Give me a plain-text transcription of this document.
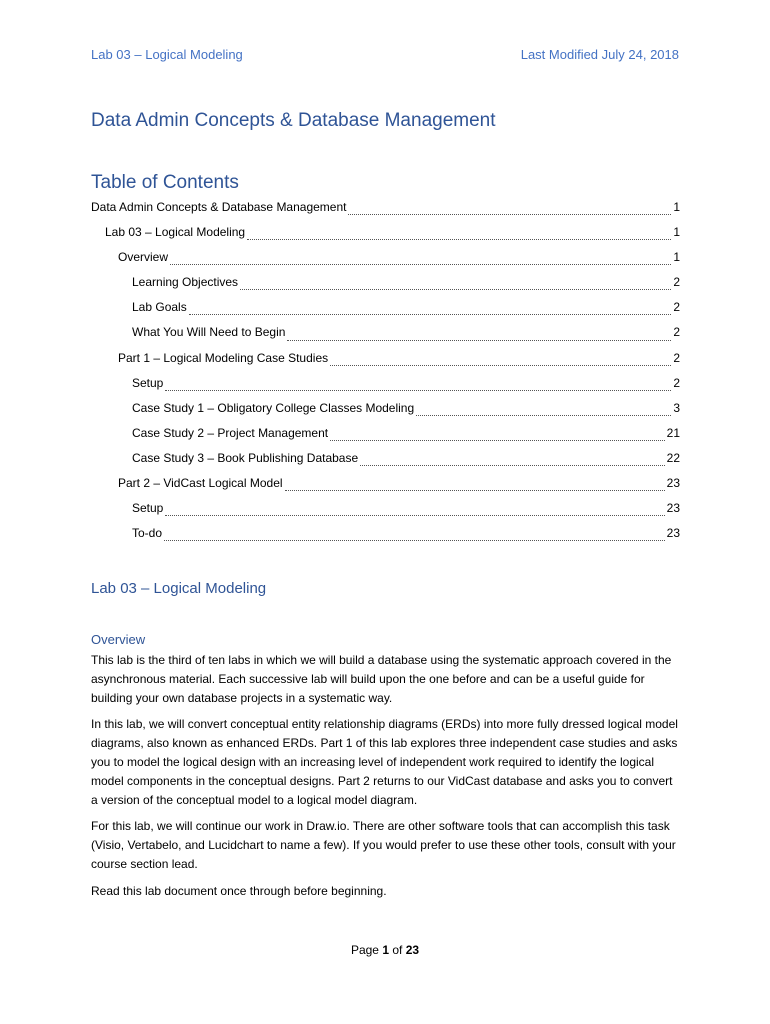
Lab 03 – Logical Modeling	Last Modified July 24, 2018
Data Admin Concepts & Database Management
Table of Contents
Data Admin Concepts & Database Management	1
Lab 03 – Logical Modeling	1
Overview	1
Learning Objectives	2
Lab Goals	2
What You Will Need to Begin	2
Part 1 – Logical Modeling Case Studies	2
Setup	2
Case Study 1 – Obligatory College Classes Modeling	3
Case Study 2 – Project Management	21
Case Study 3 – Book Publishing Database	22
Part 2 – VidCast Logical Model	23
Setup	23
To-do	23
Lab 03 – Logical Modeling
Overview

This lab is the third of ten labs in which we will build a database using the systematic approach covered in the asynchronous material. Each successive lab will build upon the one before and can be a useful guide for building your own database projects in a systematic way.

In this lab, we will convert conceptual entity relationship diagrams (ERDs) into more fully dressed logical model diagrams, also known as enhanced ERDs. Part 1 of this lab explores three independent case studies and asks you to model the logical design with an increasing level of independent work required to identify the logical model components in the conceptual designs. Part 2 returns to our VidCast database and asks you to convert a version of the conceptual model to a logical model diagram.

For this lab, we will continue our work in Draw.io. There are other software tools that can accomplish this task (Visio, Vertabelo, and Lucidchart to name a few). If you would prefer to use these other tools, consult with your course section lead.

Read this lab document once through before beginning.

Page 1 of 23
